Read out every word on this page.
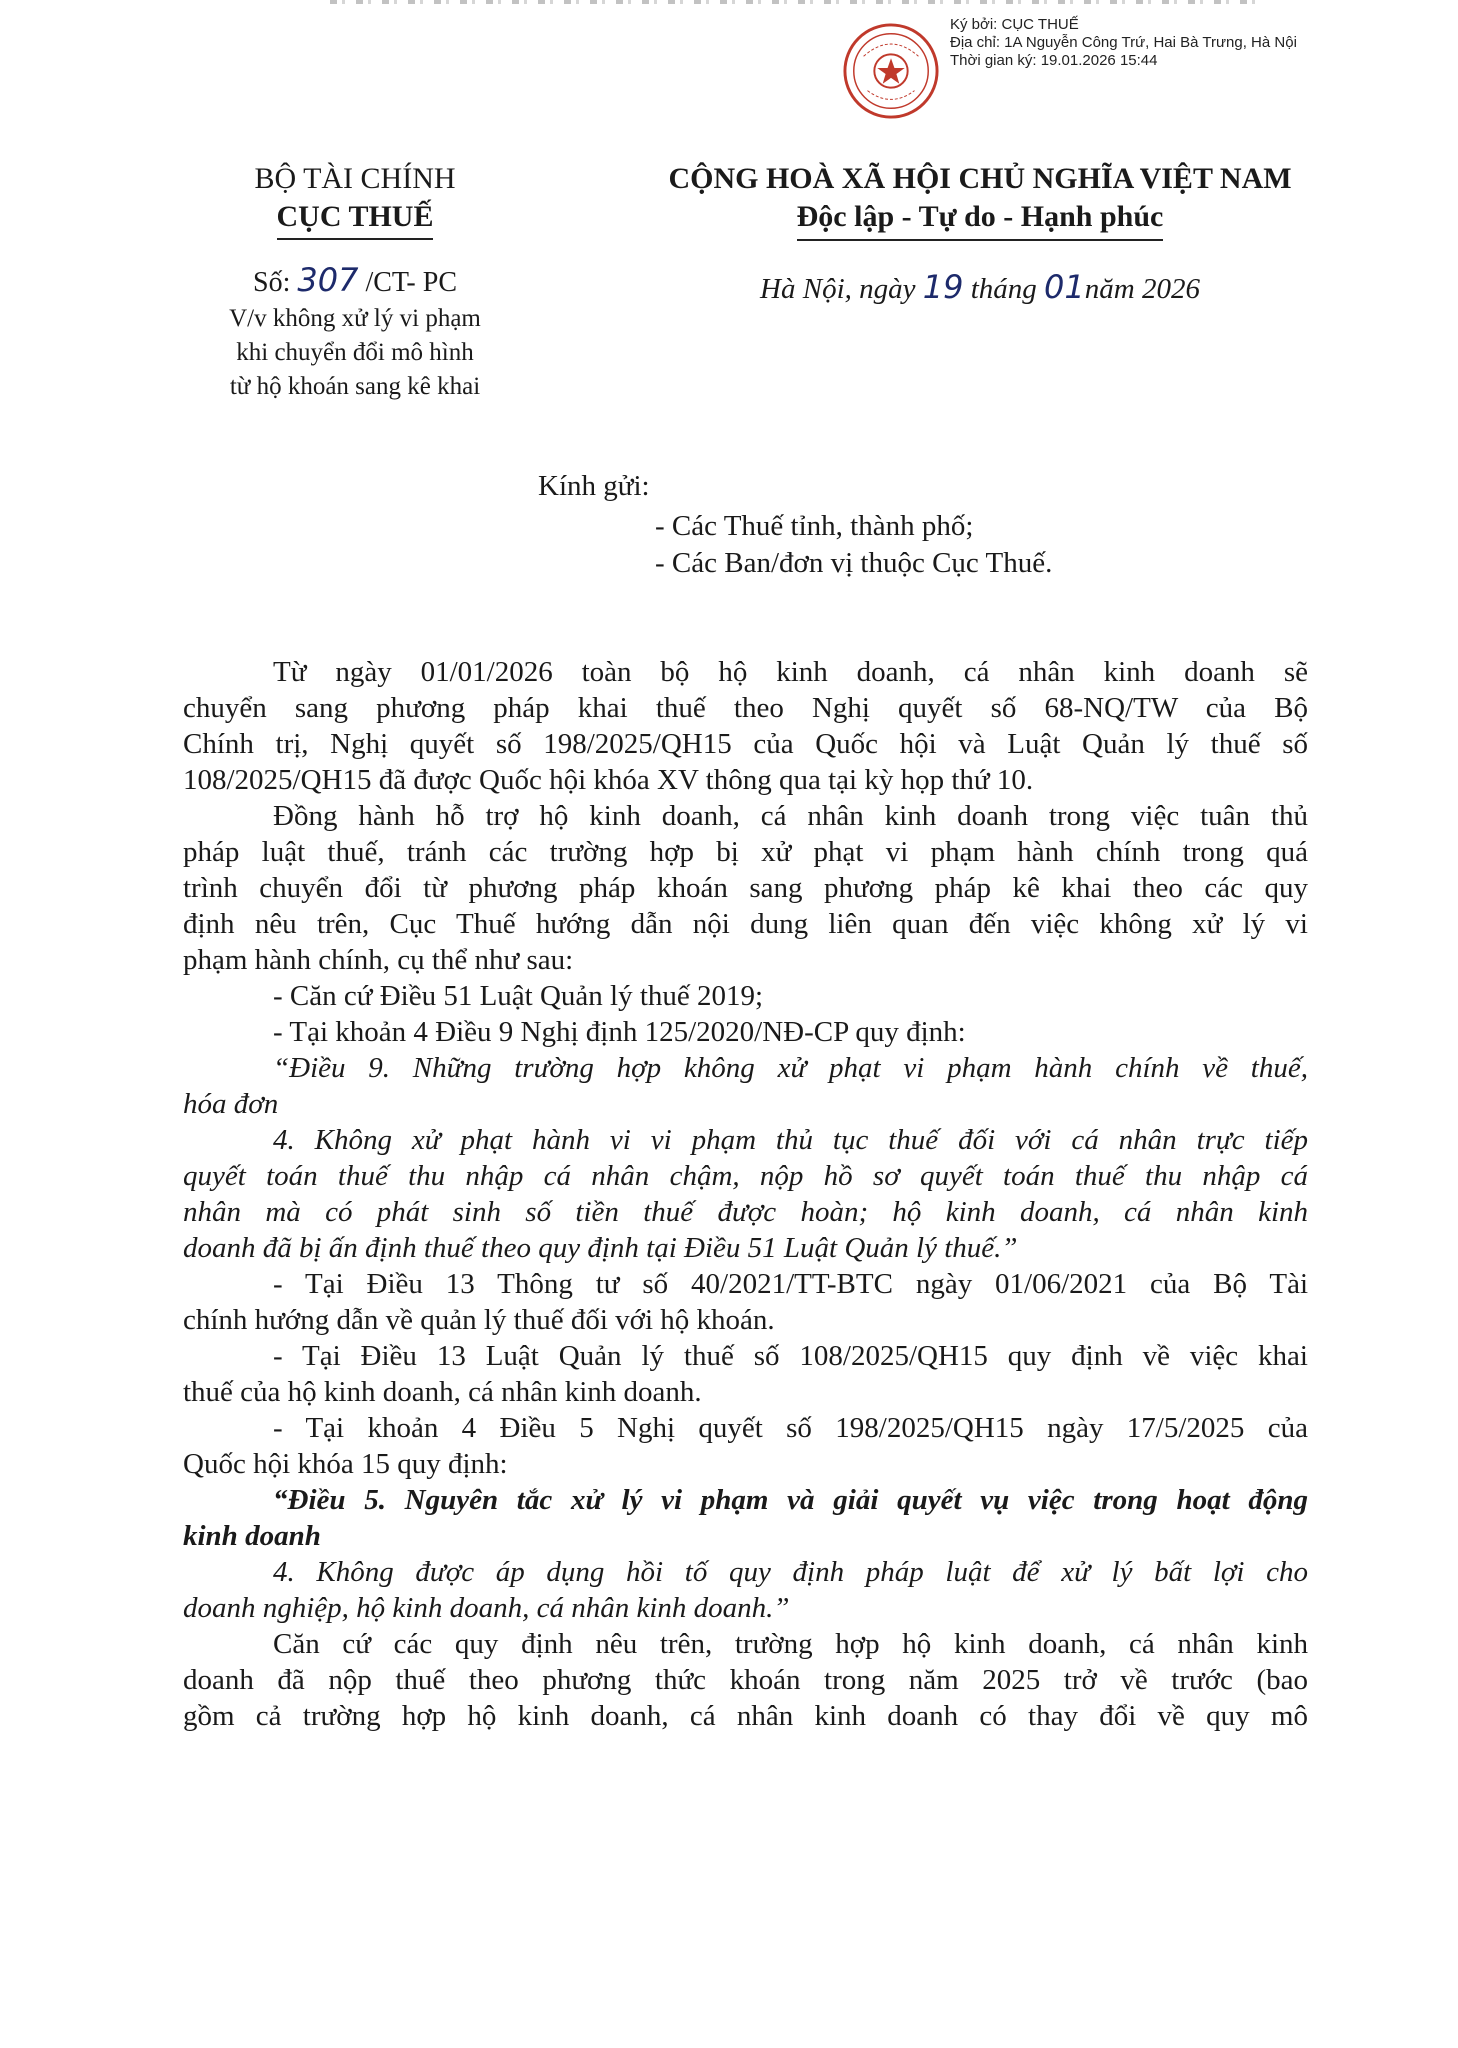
Ký bởi: CỤC THUẾ
Địa chỉ: 1A Nguyễn Công Trứ, Hai Bà Trưng, Hà Nội
Thời gian ký: 19.01.2026 15:44
BỘ TÀI CHÍNH
CỤC THUẾ
CỘNG HOÀ XÃ HỘI CHỦ NGHĨA VIỆT NAM
Độc lập - Tự do - Hạnh phúc
Số: 307 /CT- PC
V/v không xử lý vi phạm
khi chuyển đổi mô hình
từ hộ khoán sang kê khai
Hà Nội, ngày 19 tháng 01năm 2026
Kính gửi:
- Các Thuế tỉnh, thành phố;
- Các Ban/đơn vị thuộc Cục Thuế.
Từ ngày 01/01/2026 toàn bộ hộ kinh doanh, cá nhân kinh doanh sẽ
chuyển sang phương pháp khai thuế theo Nghị quyết số 68-NQ/TW của Bộ
Chính trị, Nghị quyết số 198/2025/QH15 của Quốc hội và Luật Quản lý thuế số
108/2025/QH15 đã được Quốc hội khóa XV thông qua tại kỳ họp thứ 10.
Đồng hành hỗ trợ hộ kinh doanh, cá nhân kinh doanh trong việc tuân thủ
pháp luật thuế, tránh các trường hợp bị xử phạt vi phạm hành chính trong quá
trình chuyển đổi từ phương pháp khoán sang phương pháp kê khai theo các quy
định nêu trên, Cục Thuế hướng dẫn nội dung liên quan đến việc không xử lý vi
phạm hành chính, cụ thể như sau:
- Căn cứ Điều 51 Luật Quản lý thuế 2019;
- Tại khoản 4 Điều 9 Nghị định 125/2020/NĐ-CP quy định:
“Điều 9. Những trường hợp không xử phạt vi phạm hành chính về thuế,
hóa đơn
4. Không xử phạt hành vi vi phạm thủ tục thuế đối với cá nhân trực tiếp
quyết toán thuế thu nhập cá nhân chậm, nộp hồ sơ quyết toán thuế thu nhập cá
nhân mà có phát sinh số tiền thuế được hoàn; hộ kinh doanh, cá nhân kinh
doanh đã bị ấn định thuế theo quy định tại Điều 51 Luật Quản lý thuế.”
- Tại Điều 13 Thông tư số 40/2021/TT-BTC ngày 01/06/2021 của Bộ Tài
chính hướng dẫn về quản lý thuế đối với hộ khoán.
- Tại Điều 13 Luật Quản lý thuế số 108/2025/QH15 quy định về việc khai
thuế của hộ kinh doanh, cá nhân kinh doanh.
- Tại khoản 4 Điều 5 Nghị quyết số 198/2025/QH15 ngày 17/5/2025 của
Quốc hội khóa 15 quy định:
“Điều 5. Nguyên tắc xử lý vi phạm và giải quyết vụ việc trong hoạt động
kinh doanh
4. Không được áp dụng hồi tố quy định pháp luật để xử lý bất lợi cho
doanh nghiệp, hộ kinh doanh, cá nhân kinh doanh.”
Căn cứ các quy định nêu trên, trường hợp hộ kinh doanh, cá nhân kinh
doanh đã nộp thuế theo phương thức khoán trong năm 2025 trở về trước (bao
gồm cả trường hợp hộ kinh doanh, cá nhân kinh doanh có thay đổi về quy mô
